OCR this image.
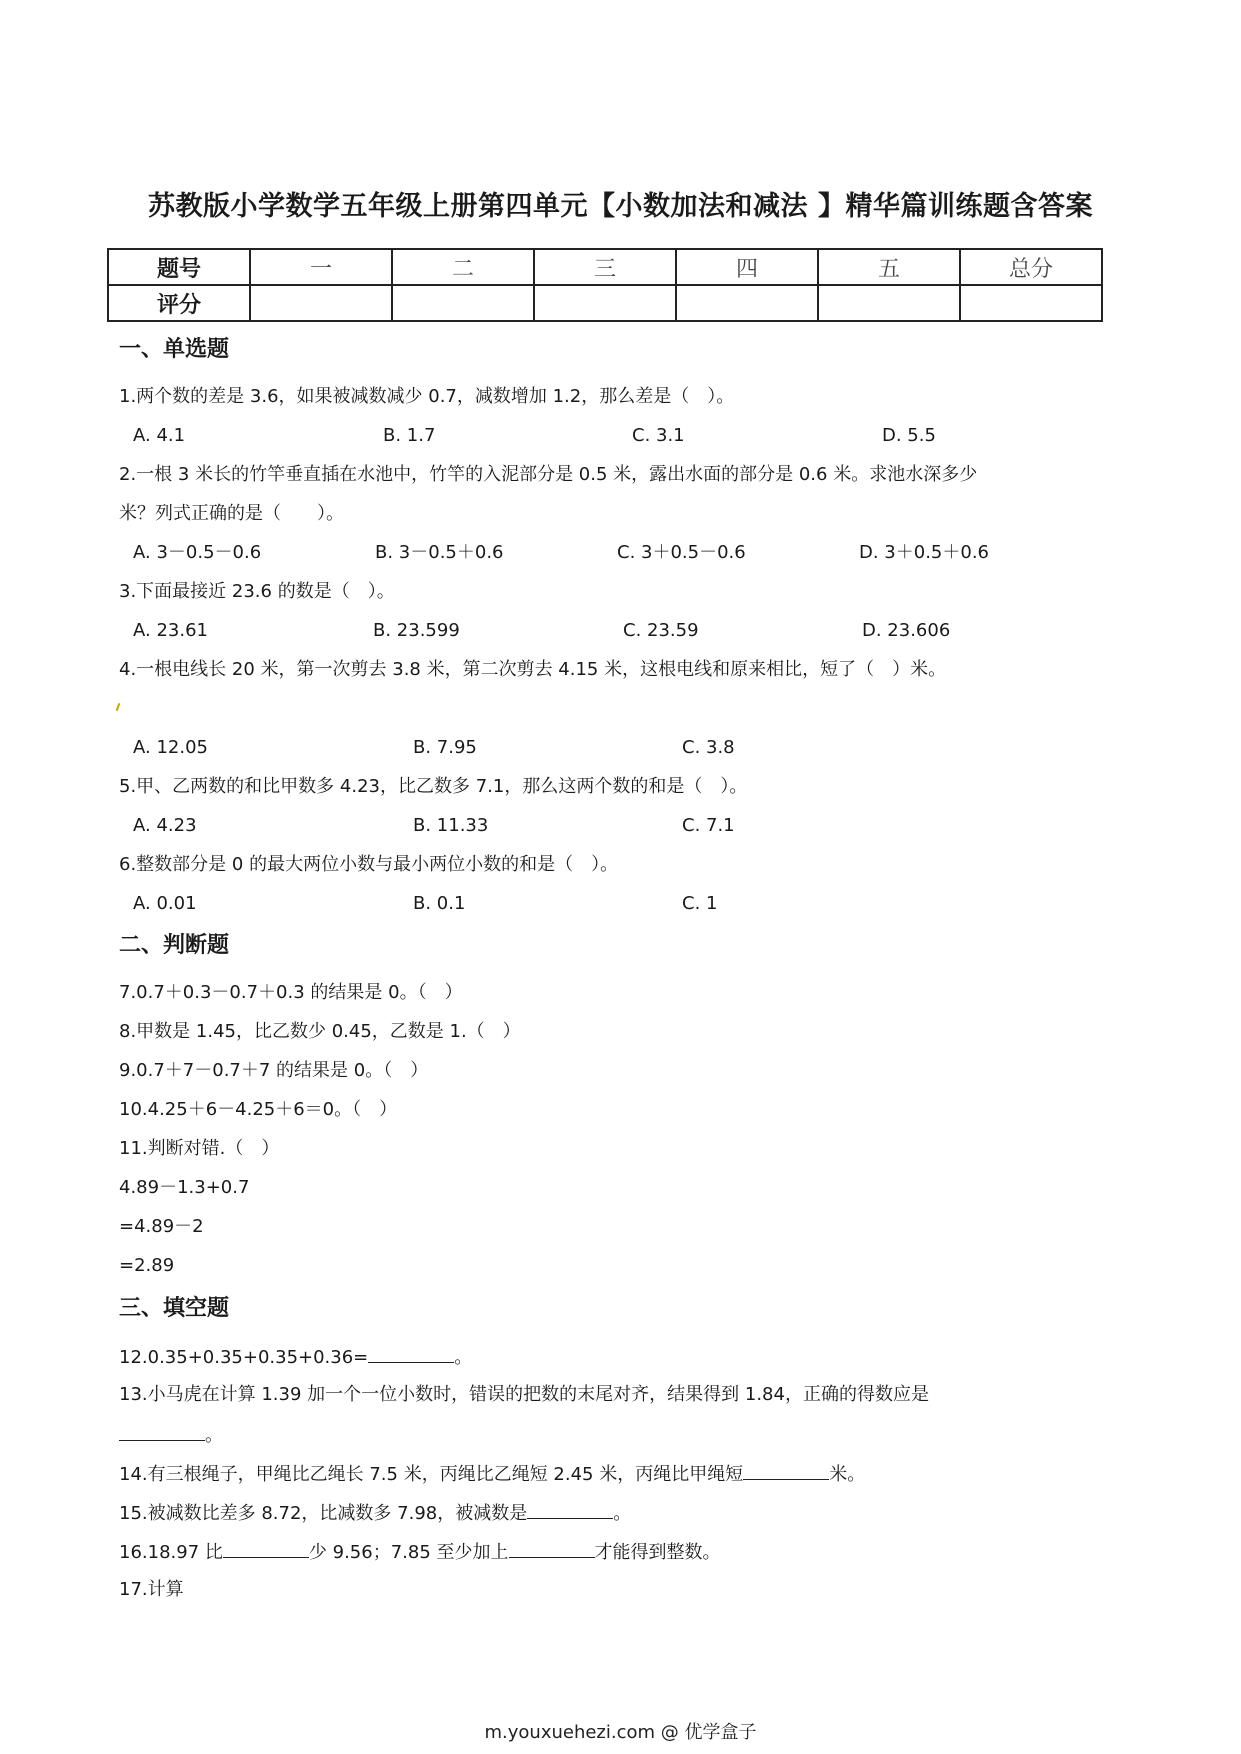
苏教版小学数学五年级上册第四单元【小数加法和减法 】精华篇训练题含答案
题号	一	二	三	四	五	总分
评分						
一、单选题
1.两个数的差是 3.6，如果被减数减少 0.7，减数增加 1.2，那么差是（　）。
A. 4.1	B. 1.7	C. 3.1	D. 5.5
2.一根 3 米长的竹竿垂直插在水池中，竹竿的入泥部分是 0.5 米，露出水面的部分是 0.6 米。求池水深多少
米？列式正确的是（　　）。
A. 3－0.5－0.6	B. 3－0.5＋0.6	C. 3＋0.5－0.6	D. 3＋0.5＋0.6
3.下面最接近 23.6 的数是（　）。
A. 23.61	B. 23.599	C. 23.59	D. 23.606
4.一根电线长 20 米，第一次剪去 3.8 米，第二次剪去 4.15 米，这根电线和原来相比，短了（　）米。
A. 12.05	B. 7.95	C. 3.8
5.甲、乙两数的和比甲数多 4.23，比乙数多 7.1，那么这两个数的和是（　）。
A. 4.23	B. 11.33	C. 7.1
6.整数部分是 0 的最大两位小数与最小两位小数的和是（　）。
A. 0.01	B. 0.1	C. 1
二、判断题
7.0.7＋0.3－0.7＋0.3 的结果是 0。（　）
8.甲数是 1.45，比乙数少 0.45，乙数是 1.（　）
9.0.7＋7－0.7＋7 的结果是 0。（　）
10.4.25＋6－4.25＋6＝0。（　）
11.判断对错.（　）
4.89－1.3+0.7
=4.89－2
=2.89
三、填空题
12.0.35+0.35+0.35+0.36=	。
13.小马虎在计算 1.39 加一个一位小数时，错误的把数的末尾对齐，结果得到 1.84，正确的得数应是
。
14.有三根绳子，甲绳比乙绳长 7.5 米，丙绳比乙绳短 2.45 米，丙绳比甲绳短	米。
15.被减数比差多 8.72，比减数多 7.98，被减数是	。
16.18.97 比	少 9.56；7.85 至少加上	才能得到整数。
17.计算
m.youxuehezi.com @ 优学盒子
